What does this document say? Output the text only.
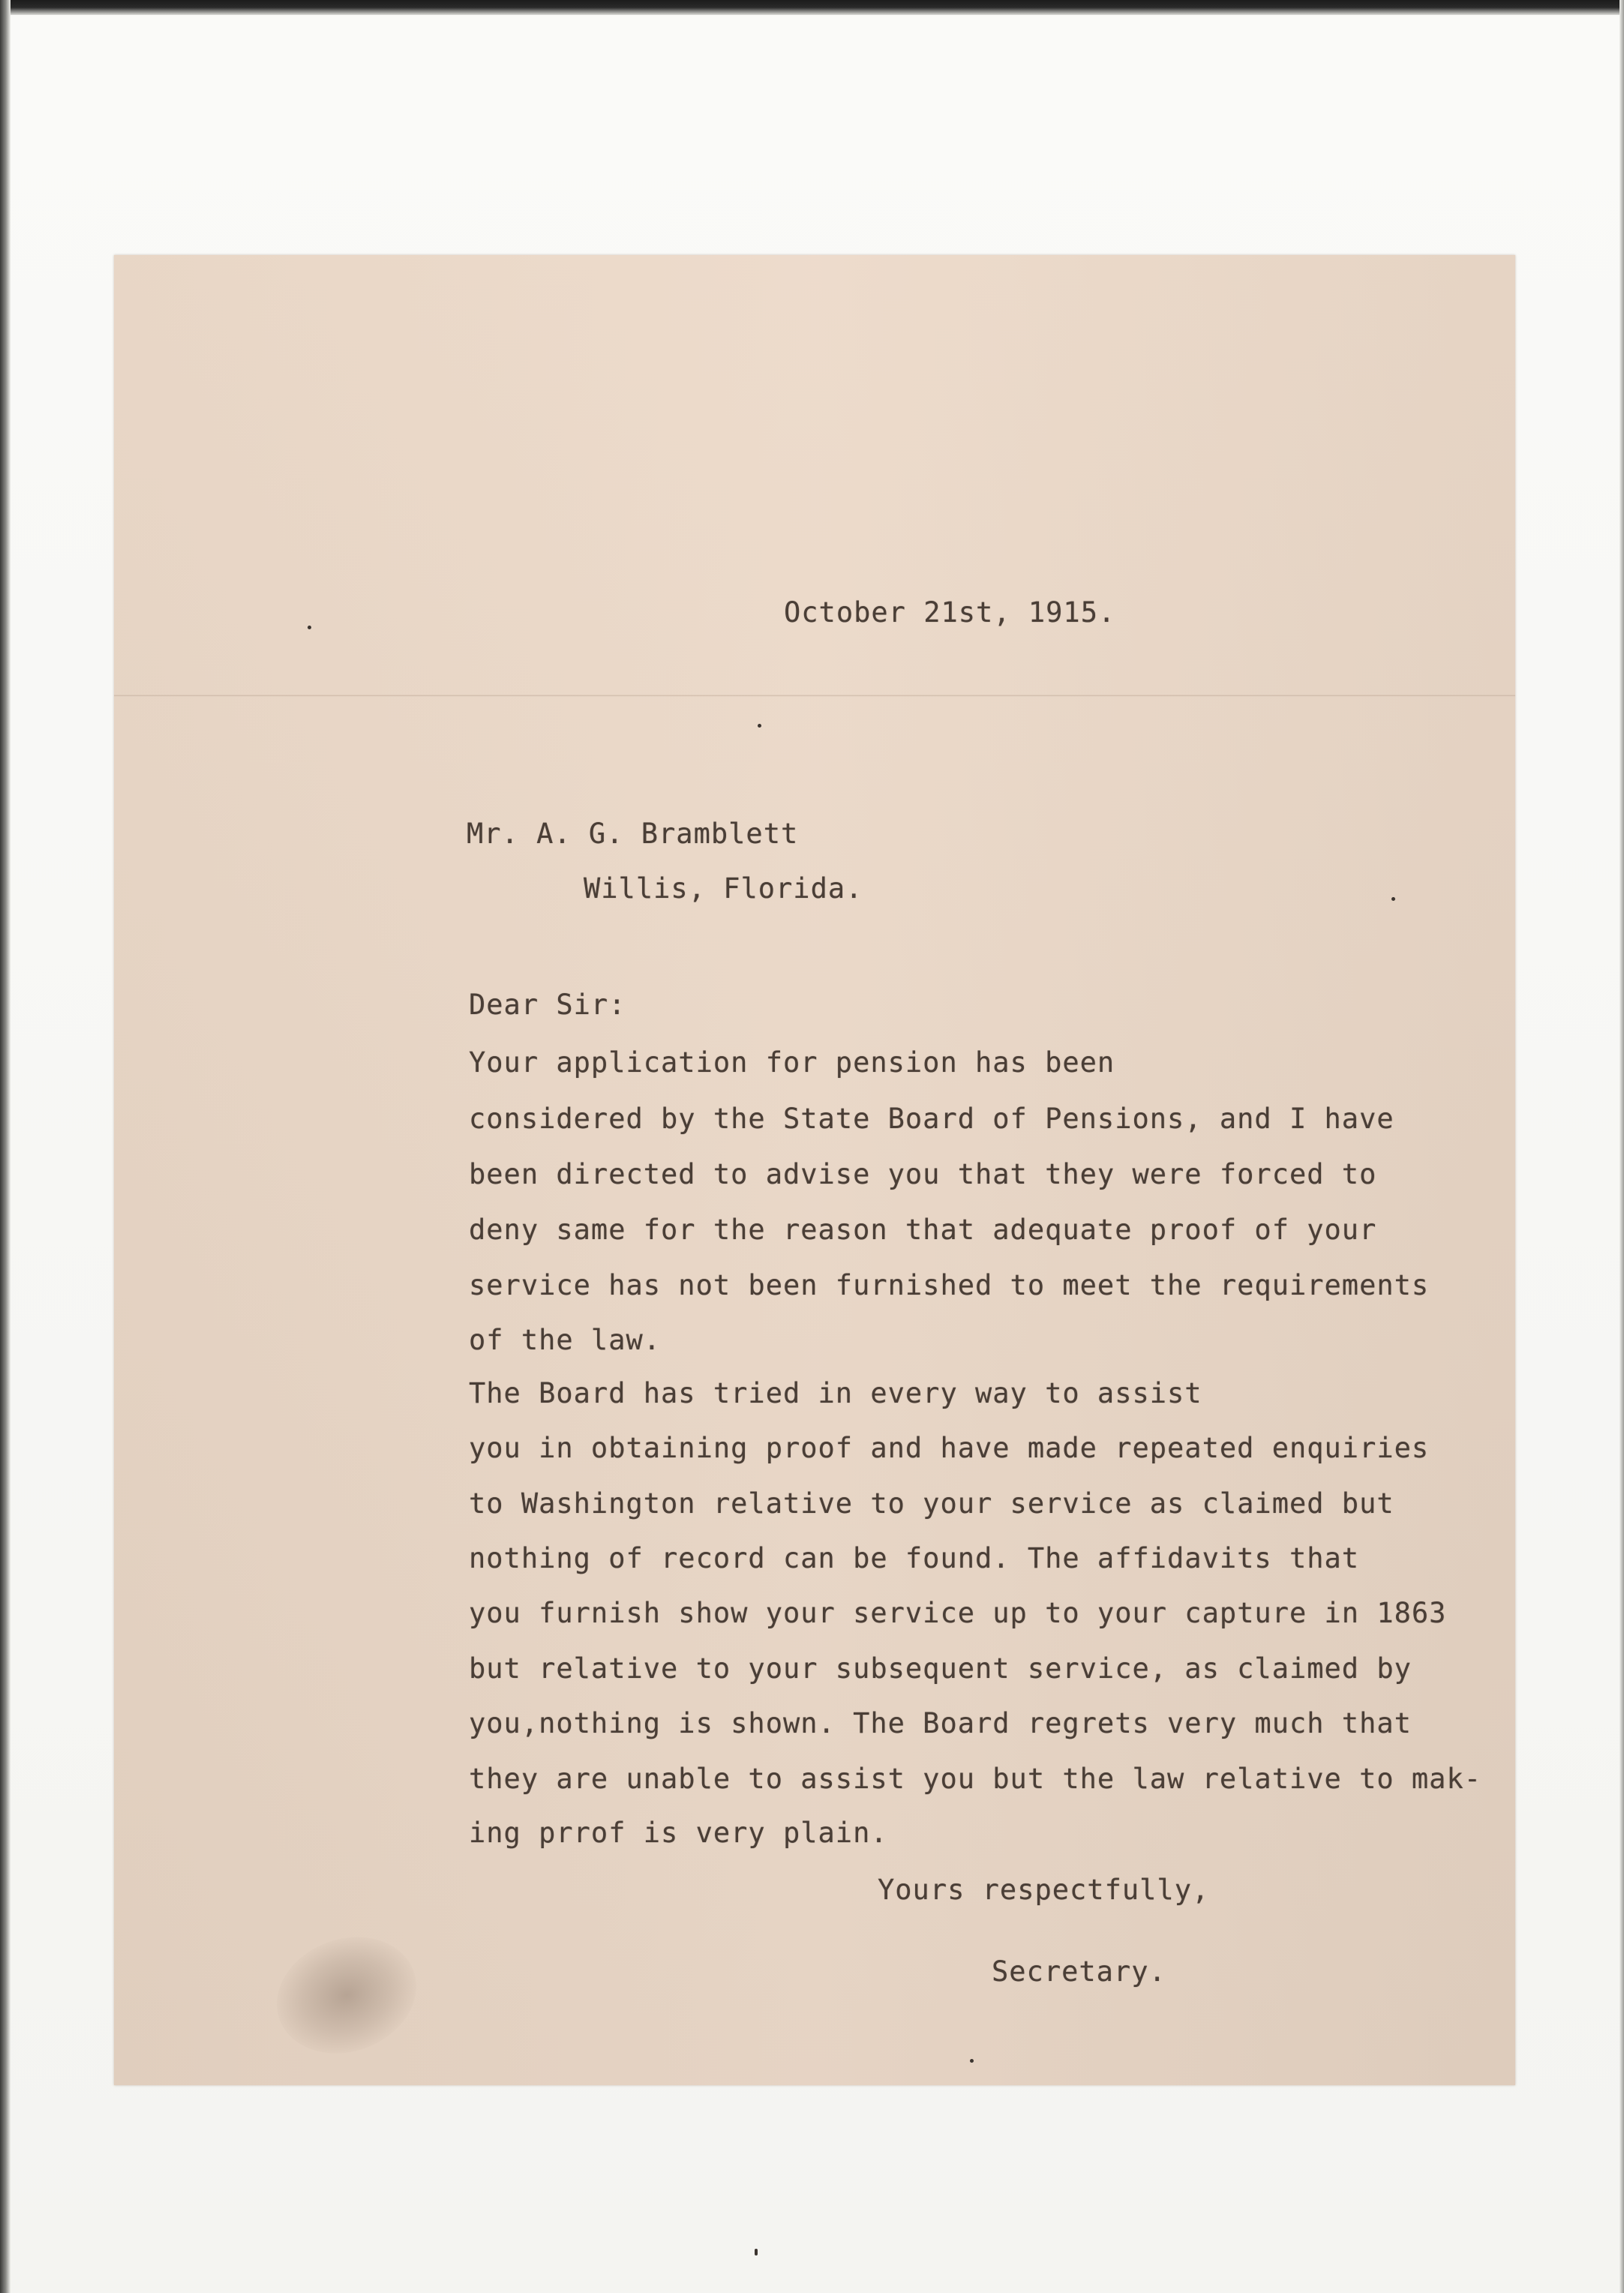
October 21st, 1915.
Mr. A. G. Bramblett
Willis, Florida.
Dear Sir:
Your application for pension has been
considered by the State Board of Pensions, and I have
been directed to advise you that they were forced to
deny same for the reason that adequate proof of your
service has not been furnished to meet the requirements
of the law.
The Board has tried in every way to assist
you in obtaining proof and have made repeated enquiries
to Washington relative to your service as claimed but
nothing of record can be found. The affidavits that
you furnish show your service up to your capture in 1863
but relative to your subsequent service, as claimed by
you,nothing is shown. The Board regrets very much that
they are unable to assist you but the law relative to mak-
ing prrof is very plain.
Yours respectfully,
Secretary.
